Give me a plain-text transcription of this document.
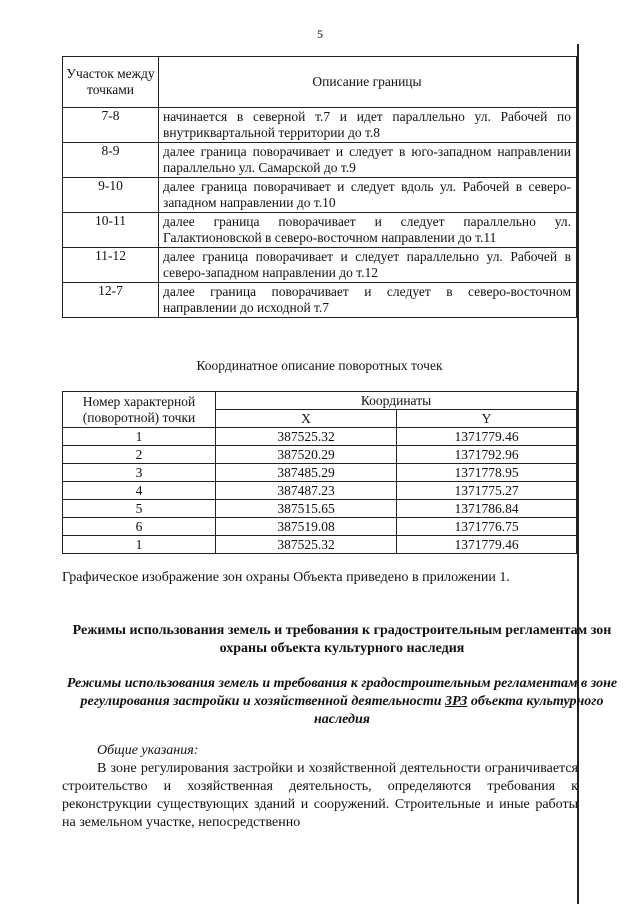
5
Участок между точками	Описание границы
7-8	начинается в северной т.7 и идет параллельно ул. Рабочей по внутриквартальной территории до т.8
8-9	далее граница поворачивает и следует в юго-западном направлении параллельно ул. Самарской до т.9
9-10	далее граница поворачивает и следует вдоль ул. Рабочей в северо-западном направлении до т.10
10-11	далее граница поворачивает и следует параллельно ул. Галактионовской в северо-восточном направлении до т.11
11-12	далее граница поворачивает и следует параллельно ул. Рабочей в северо-западном направлении до т.12
12-7	далее граница поворачивает и следует в северо-восточном направлении до исходной т.7
Координатное описание поворотных точек
Номер характерной (поворотной) точки	Координаты	
	X	Y
1	387525.32	1371779.46
2	387520.29	1371792.96
3	387485.29	1371778.95
4	387487.23	1371775.27
5	387515.65	1371786.84
6	387519.08	1371776.75
1	387525.32	1371779.46
Графическое изображение зон охраны Объекта приведено в приложении 1.
Режимы использования земель и требования к градостроительным регламентам зон охраны объекта культурного наследия
Режимы использования земель и требования к градостроительным регламентам в зоне регулирования застройки и хозяйственной деятельности ЗРЗ объекта культурного наследия
Общие указания:
В зоне регулирования застройки и хозяйственной деятельности ограничивается строительство и хозяйственная деятельность, определяются требования к реконструкции существующих зданий и сооружений. Строительные и иные работы на земельном участке, непосредственно
